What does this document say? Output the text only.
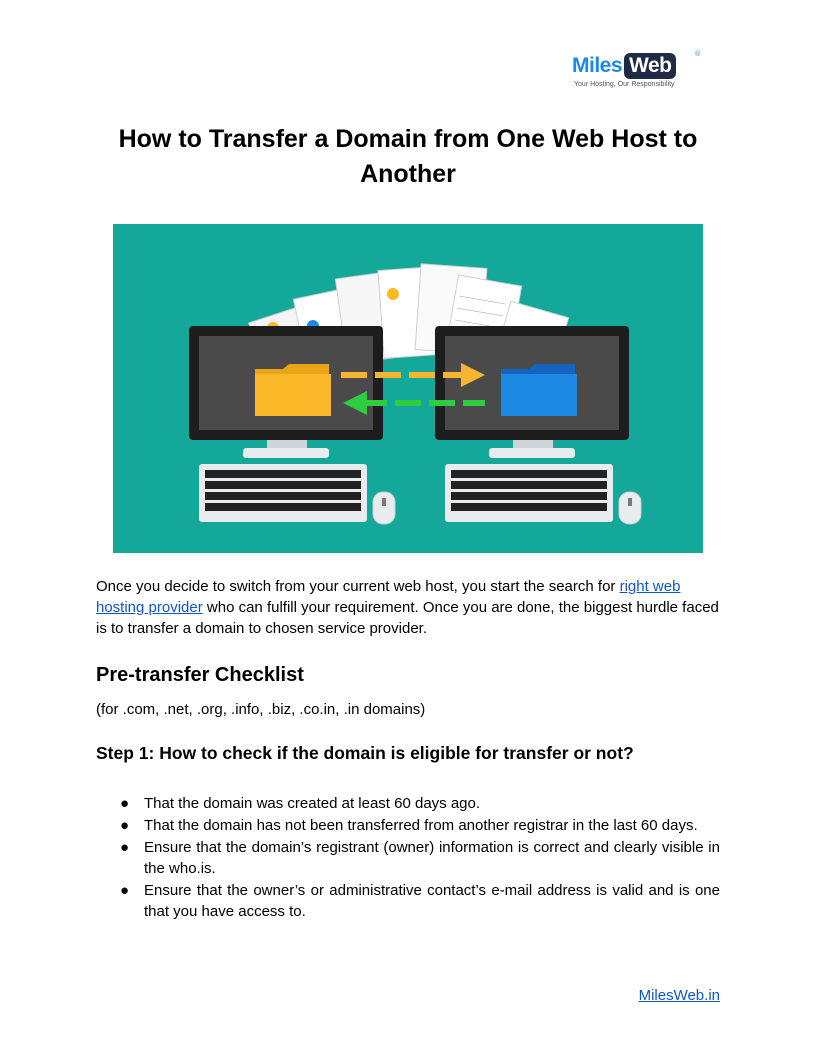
Miles Web	®
Your Hosting, Our Responsibility
How to Transfer a Domain from One Web Host to Another

Once you decide to switch from your current web host, you start the search for right web hosting provider who can fulfill your requirement. Once you are done, the biggest hurdle faced is to transfer a domain to chosen service provider.

Pre-transfer Checklist

(for .com, .net, .org, .info, .biz, .co.in, .in domains)

Step 1: How to check if the domain is eligible for transfer or not?
● That the domain was created at least 60 days ago.
● That the domain has not been transferred from another registrar in the last 60 days.
● Ensure that the domain’s registrant (owner) information is correct and clearly visible in the who.is.
● Ensure that the owner’s or administrative contact’s e-mail address is valid and is one that you have access to.
MilesWeb.in
